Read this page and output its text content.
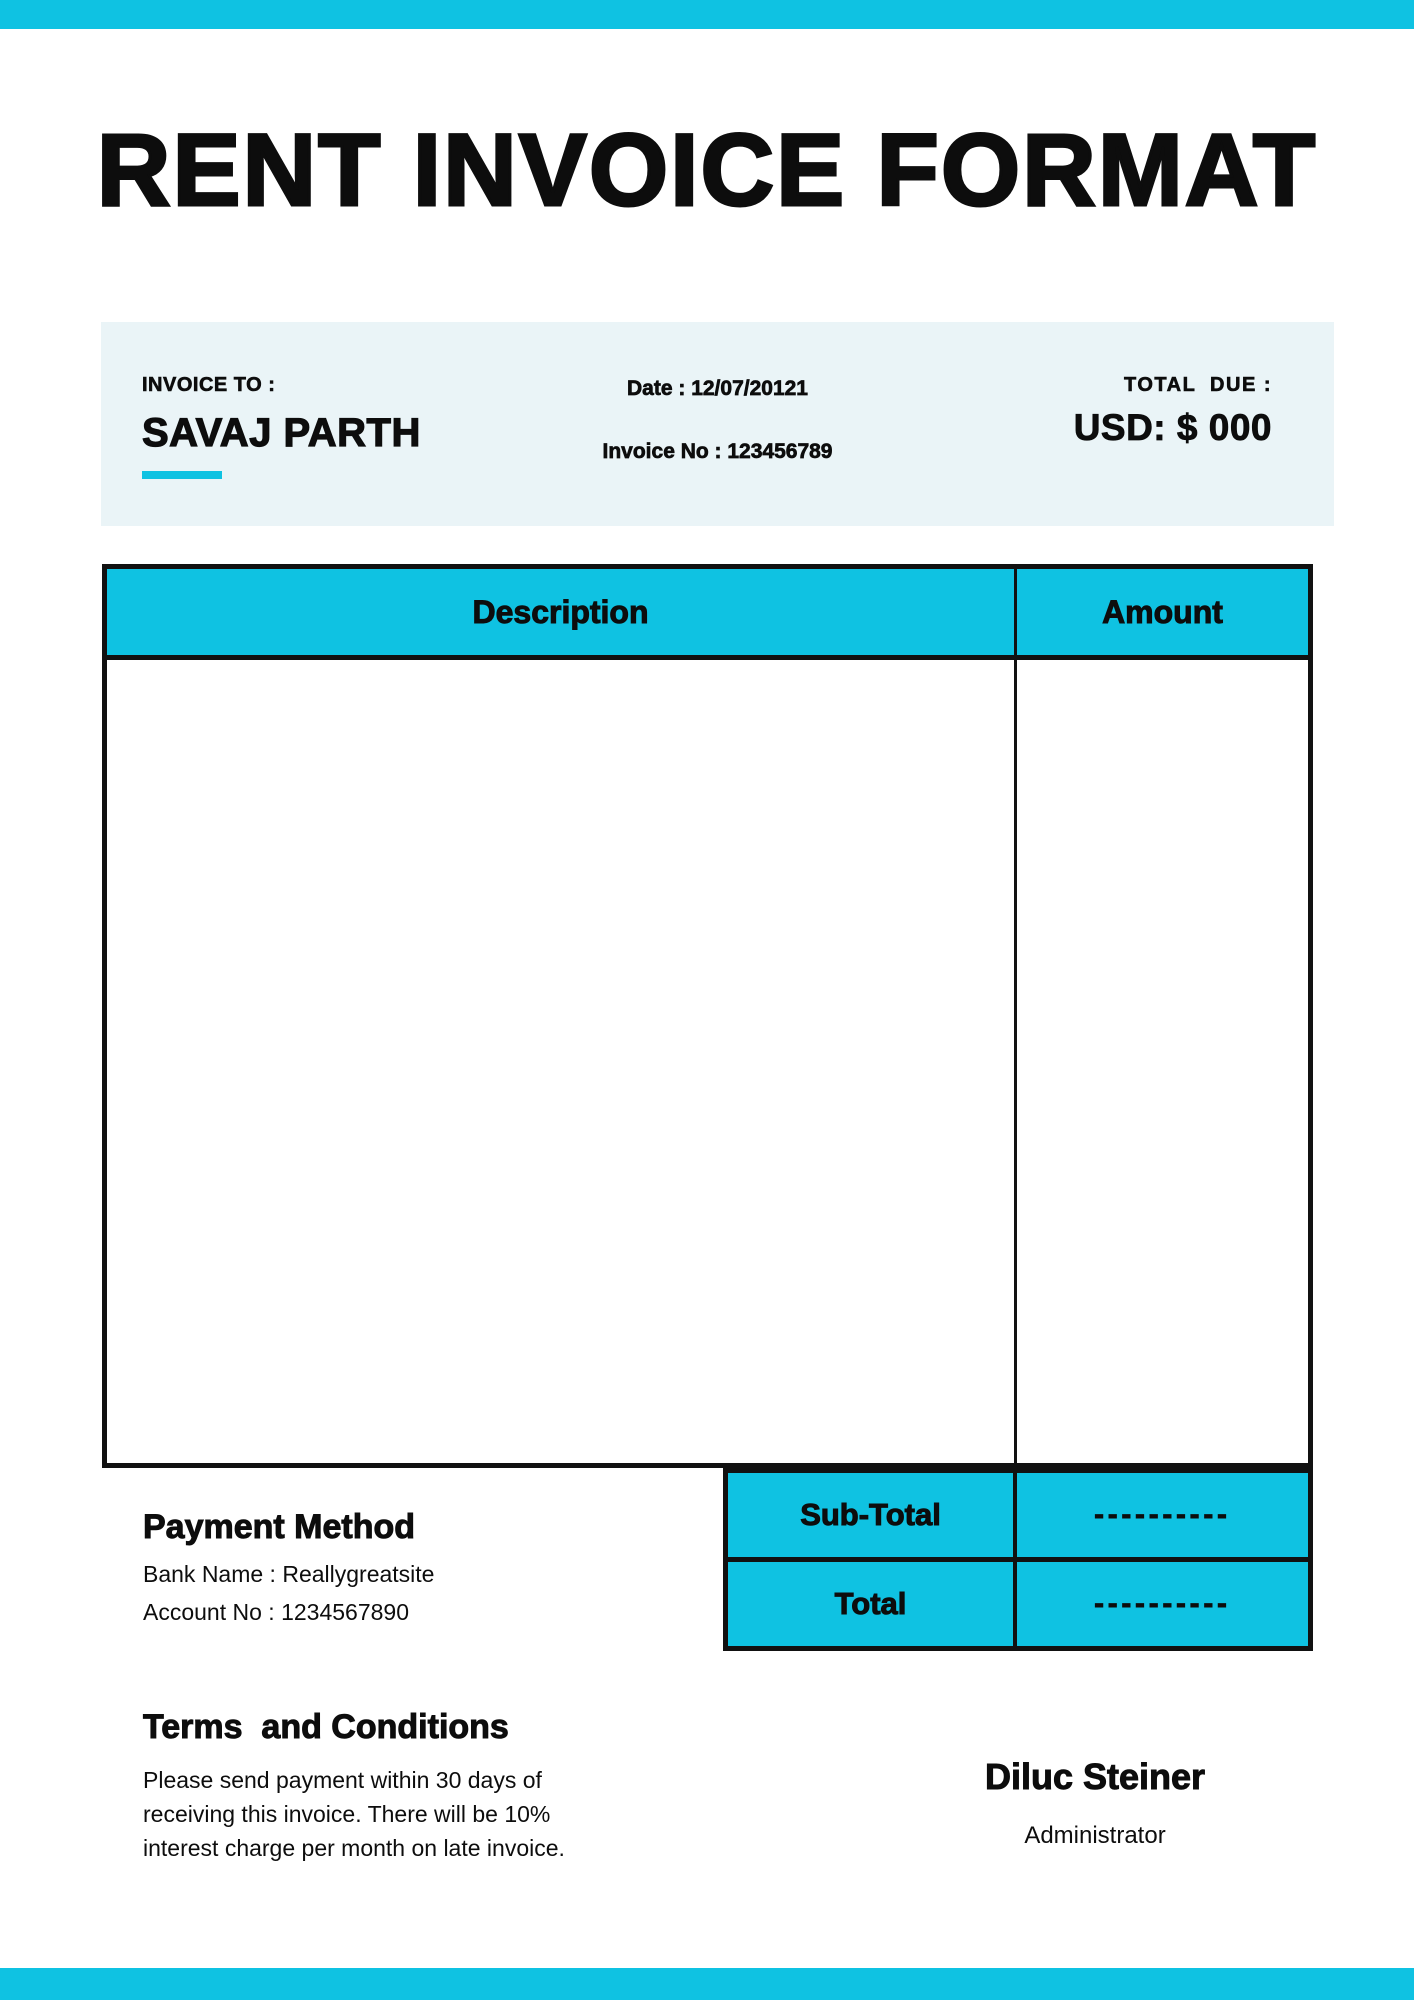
RENT INVOICE FORMAT
INVOICE TO :
SAVAJ PARTH
Date : 12/07/20121
Invoice No : 123456789
TOTAL  DUE :
USD: $ 000
Description	Amount
Sub-Total	----------
Total	----------
Payment Method
Bank Name : Reallygreatsite
Account No : 1234567890
Terms  and Conditions
Please send payment within 30 days of
receiving this invoice. There will be 10%
interest charge per month on late invoice.
Diluc Steiner
Administrator
